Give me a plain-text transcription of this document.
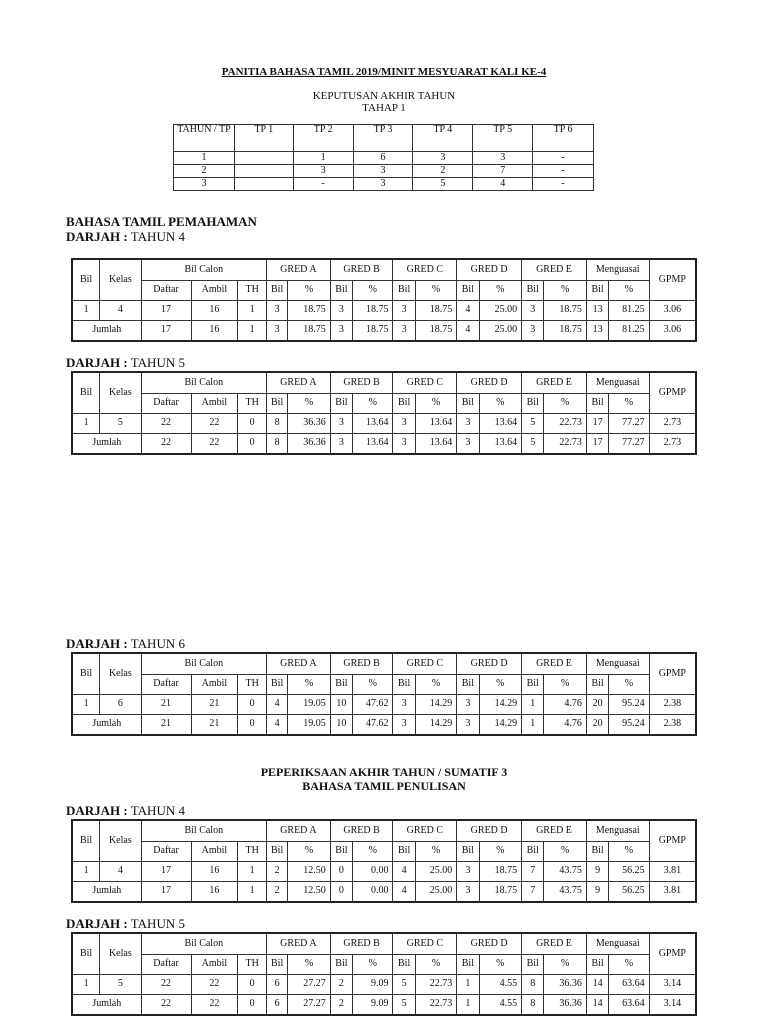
PANITIA BAHASA TAMIL 2019/MINIT MESYUARAT KALI KE-4
KEPUTUSAN AKHIR TAHUN
TAHAP 1
TAHUN / TP	TP 1	TP 2	TP 3	TP 4	TP 5	TP 6
1		1	6	3	3	-
2		3	3	2	7	-
3		-	3	5	4	-
BAHASA TAMIL PEMAHAMAN
DARJAH : TAHUN 4
DARJAH : TAHUN 5
DARJAH : TAHUN 6
PEPERIKSAAN AKHIR TAHUN / SUMATIF 3
BAHASA TAMIL PENULISAN
DARJAH : TAHUN 4
DARJAH : TAHUN 5
Bil	Kelas	Bil Calon			GRED A		GRED B		GRED C		GRED D		GRED E		Menguasai		GPMP
		Daftar	Ambil	TH	Bil	%	Bil	%	Bil	%	Bil	%	Bil	%	Bil	%	
1	4	17	16	1	3	18.75	3	18.75	3	18.75	4	25.00	3	18.75	13	81.25	3.06
Jumlah		17	16	1	3	18.75	3	18.75	3	18.75	4	25.00	3	18.75	13	81.25	3.06
Bil	Kelas	Bil Calon			GRED A		GRED B		GRED C		GRED D		GRED E		Menguasai		GPMP
		Daftar	Ambil	TH	Bil	%	Bil	%	Bil	%	Bil	%	Bil	%	Bil	%	
1	5	22	22	0	8	36.36	3	13.64	3	13.64	3	13.64	5	22.73	17	77.27	2.73
Jumlah		22	22	0	8	36.36	3	13.64	3	13.64	3	13.64	5	22.73	17	77.27	2.73
Bil	Kelas	Bil Calon			GRED A		GRED B		GRED C		GRED D		GRED E		Menguasai		GPMP
		Daftar	Ambil	TH	Bil	%	Bil	%	Bil	%	Bil	%	Bil	%	Bil	%	
1	6	21	21	0	4	19.05	10	47.62	3	14.29	3	14.29	1	4.76	20	95.24	2.38
Jumlah		21	21	0	4	19.05	10	47.62	3	14.29	3	14.29	1	4.76	20	95.24	2.38
Bil	Kelas	Bil Calon			GRED A		GRED B		GRED C		GRED D		GRED E		Menguasai		GPMP
		Daftar	Ambil	TH	Bil	%	Bil	%	Bil	%	Bil	%	Bil	%	Bil	%	
1	4	17	16	1	2	12.50	0	0.00	4	25.00	3	18.75	7	43.75	9	56.25	3.81
Jumlah		17	16	1	2	12.50	0	0.00	4	25.00	3	18.75	7	43.75	9	56.25	3.81
Bil	Kelas	Bil Calon			GRED A		GRED B		GRED C		GRED D		GRED E		Menguasai		GPMP
		Daftar	Ambil	TH	Bil	%	Bil	%	Bil	%	Bil	%	Bil	%	Bil	%	
1	5	22	22	0	6	27.27	2	9.09	5	22.73	1	4.55	8	36.36	14	63.64	3.14
Jumlah		22	22	0	6	27.27	2	9.09	5	22.73	1	4.55	8	36.36	14	63.64	3.14
